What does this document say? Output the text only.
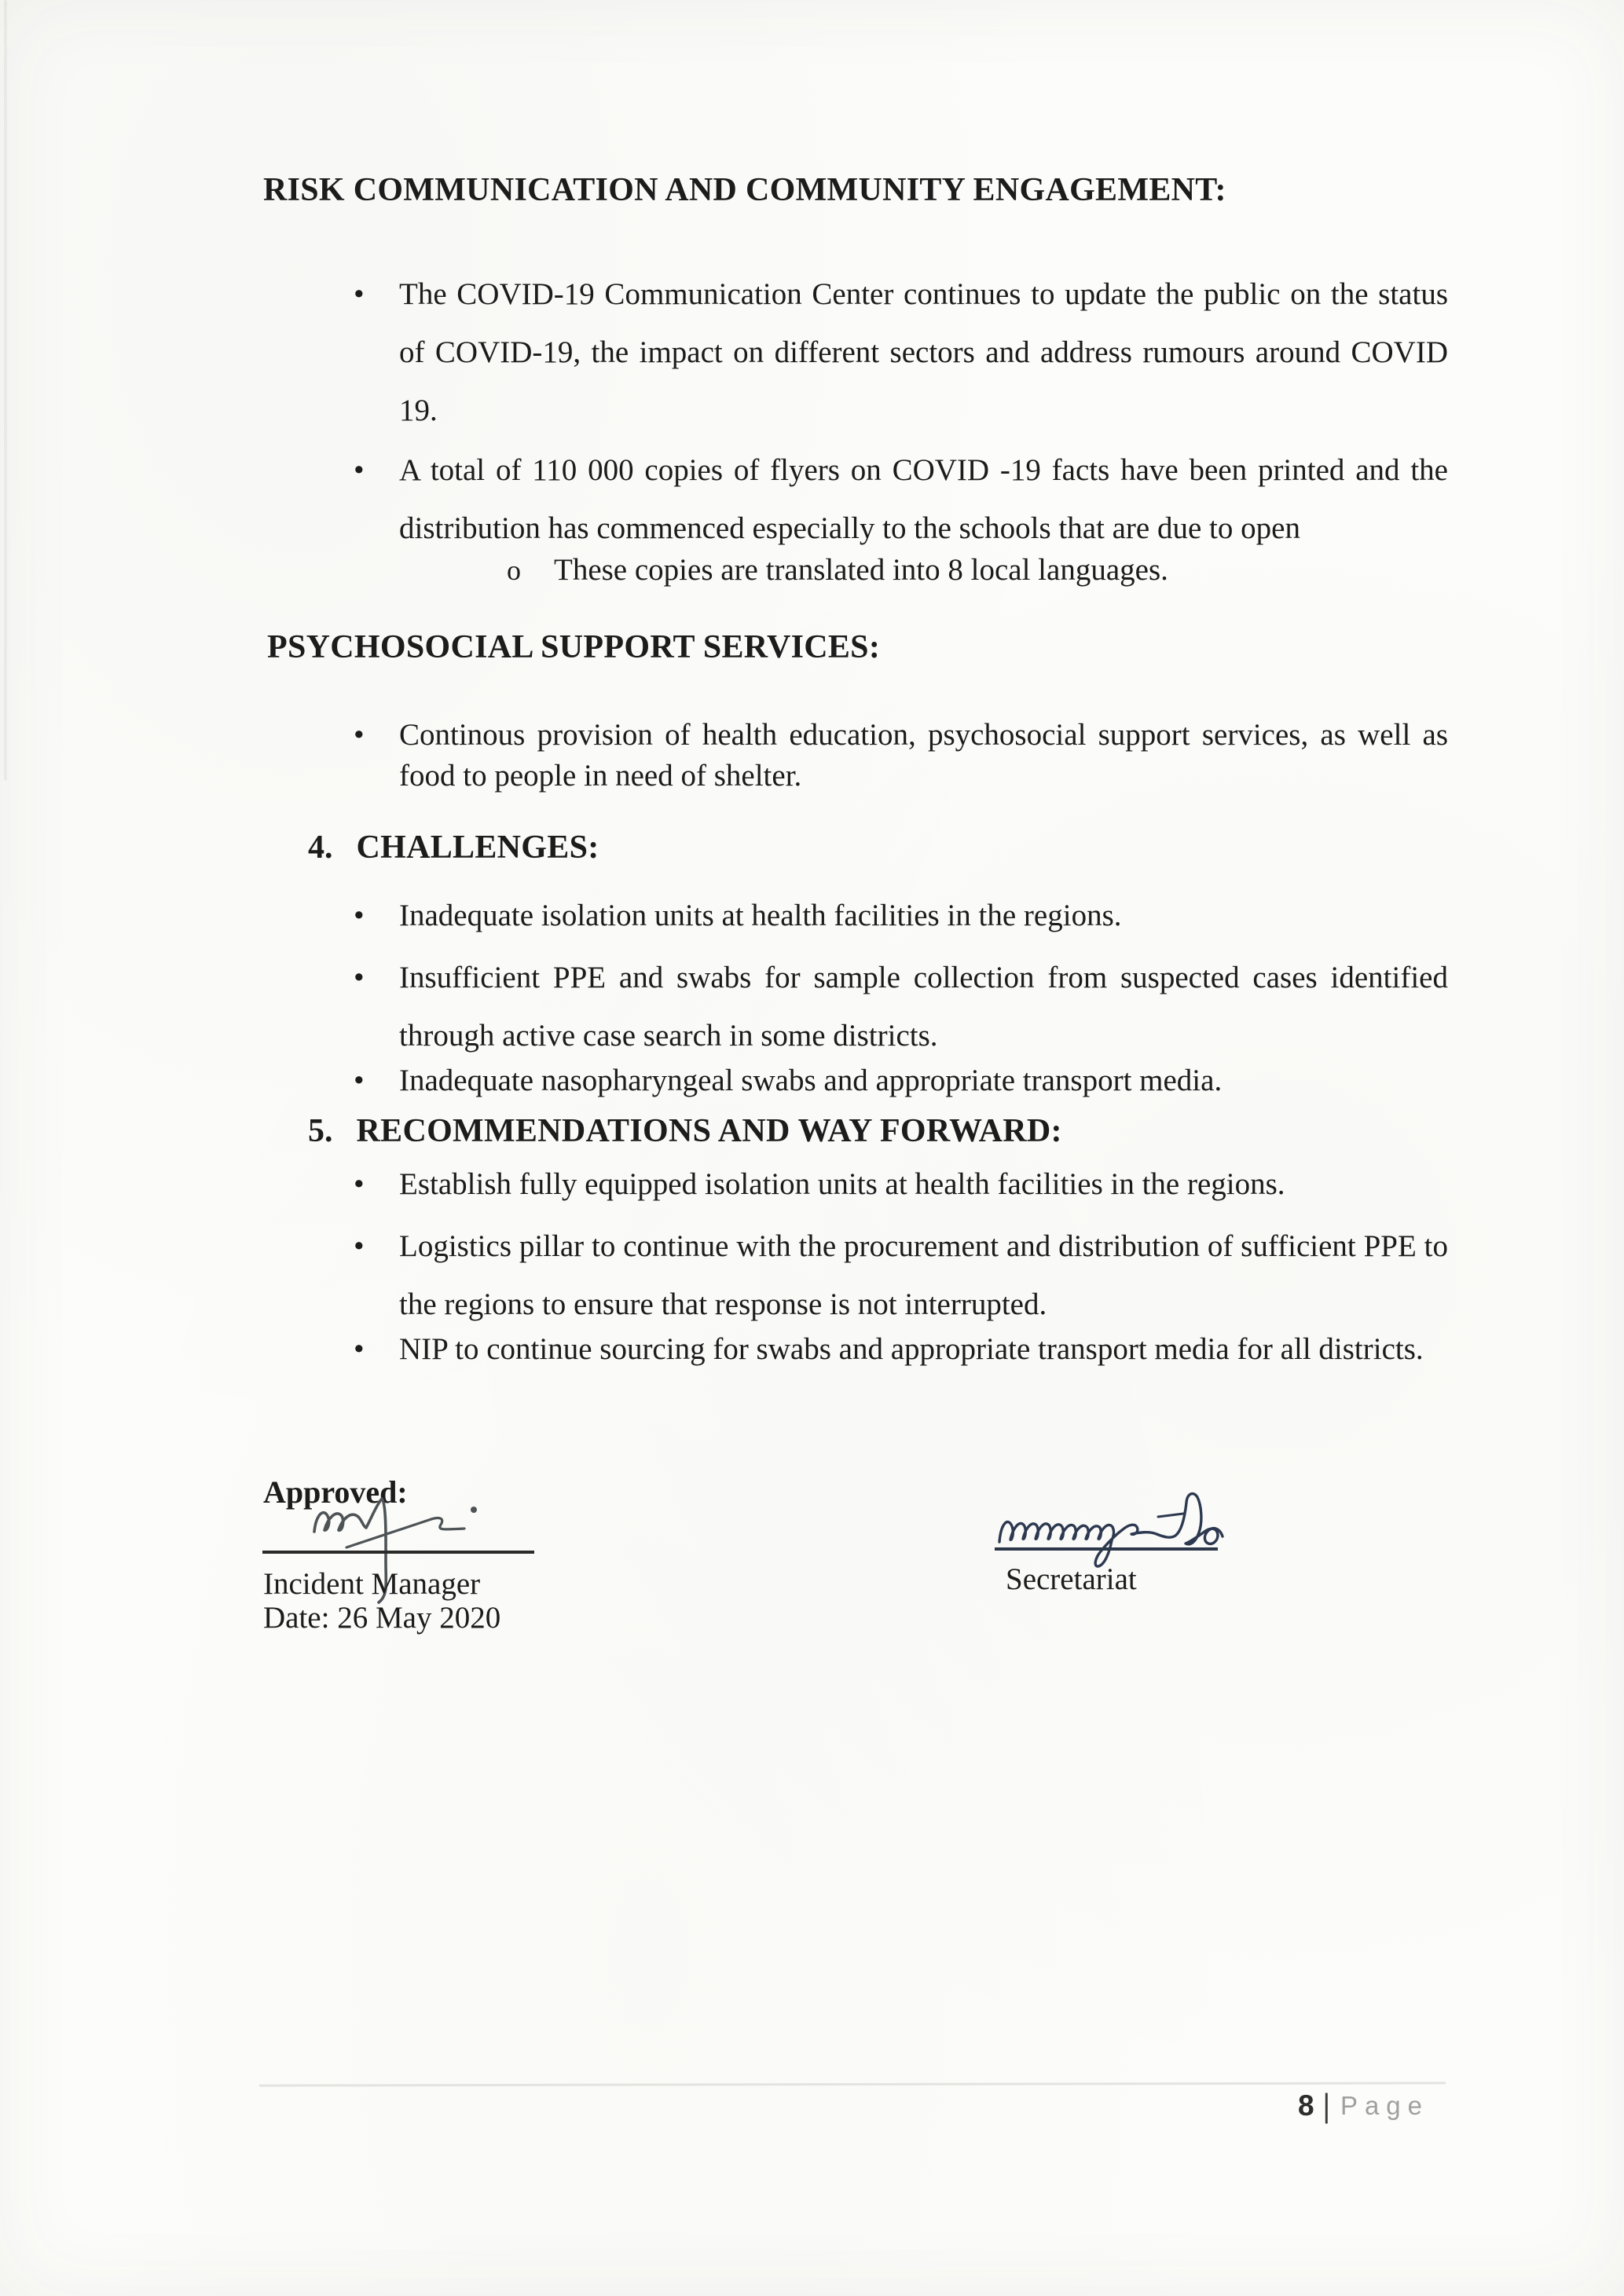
RISK COMMUNICATION AND COMMUNITY ENGAGEMENT:
•	The COVID-19 Communication Center continues to update the public on the status of COVID-19, the impact on different sectors and address rumours around COVID 19.
•	A total of 110 000 copies of flyers on COVID -19 facts have been printed and the distribution has commenced especially to the schools that are due to open
o	These copies are translated into 8 local languages.
PSYCHOSOCIAL SUPPORT SERVICES:
•	Continous provision of health education, psychosocial support services, as well as food to people in need of shelter.
4. CHALLENGES:
•	Inadequate isolation units at health facilities in the regions.
•	Insufficient PPE and swabs for sample collection from suspected cases identified through active case search in some districts.
•	Inadequate nasopharyngeal swabs and appropriate transport media.
5. RECOMMENDATIONS AND WAY FORWARD:
•	Establish fully equipped isolation units at health facilities in the regions.
•	Logistics pillar to continue with the procurement and distribution of sufficient PPE to the regions to ensure that response is not interrupted.
•	NIP to continue sourcing for swabs and appropriate transport media for all districts.
Approved:
Incident Manager
Date: 26 May 2020
Secretariat
8 | Page
